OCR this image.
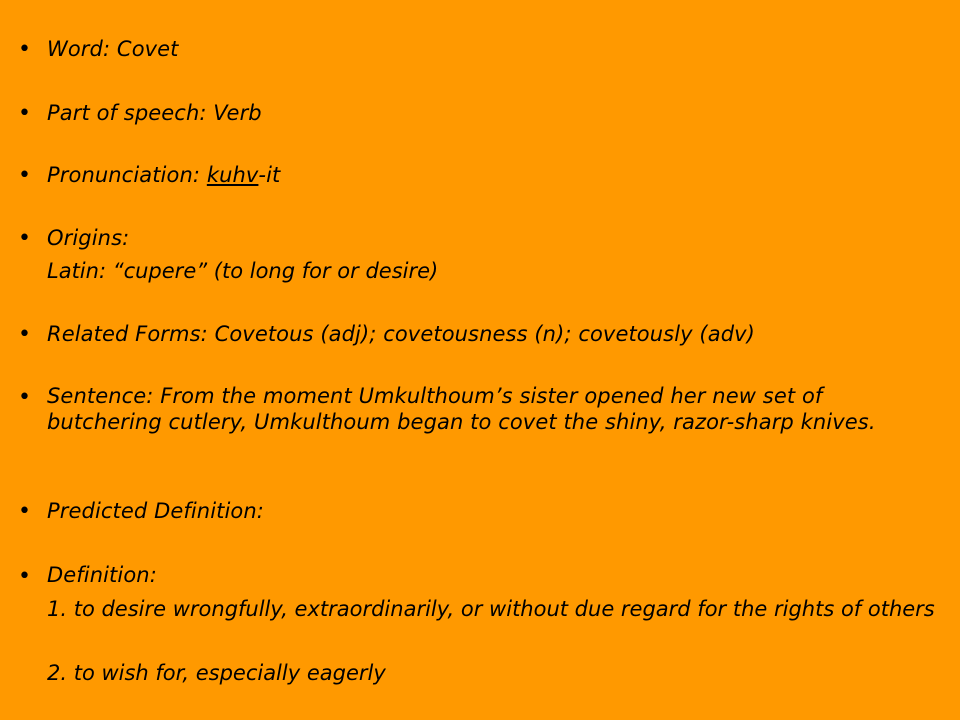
• Word: Covet
• Part of speech: Verb
• Pronunciation: kuhv-it
• Origins:
Latin: “cupere” (to long for or desire)
• Related Forms: Covetous (adj); covetousness (n); covetously (adv)
• Sentence: From the moment Umkulthoum’s sister opened her new set of butchering cutlery, Umkulthoum began to covet the shiny, razor-sharp knives.
• Predicted Definition:
• Definition:
1. to desire wrongfully, extraordinarily, or without due regard for the rights of others
2. to wish for, especially eagerly
